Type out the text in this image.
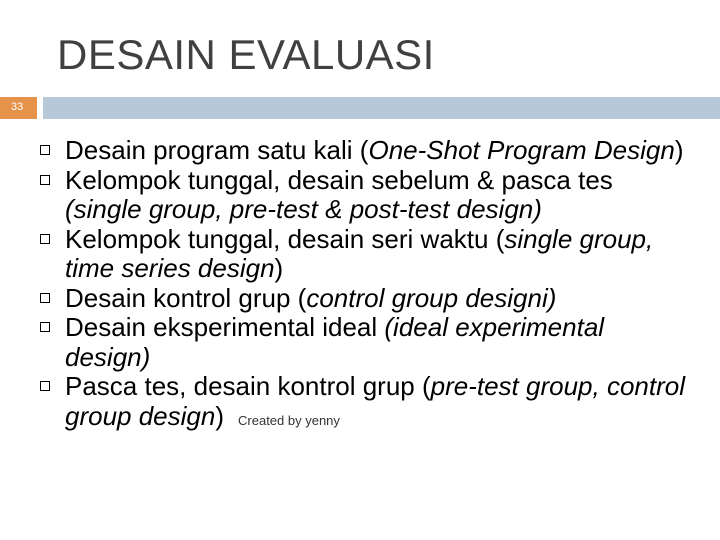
DESAIN EVALUASI
33
Desain program satu kali (One-Shot Program Design)
Kelompok tunggal, desain sebelum & pasca tes (single group, pre-test & post-test design)
Kelompok tunggal, desain seri waktu (single group, time series design)
Desain kontrol grup (control group designi)
Desain eksperimental ideal (ideal experimental design)
Pasca tes, desain kontrol grup (pre-test group, control group design) Created by yenny
